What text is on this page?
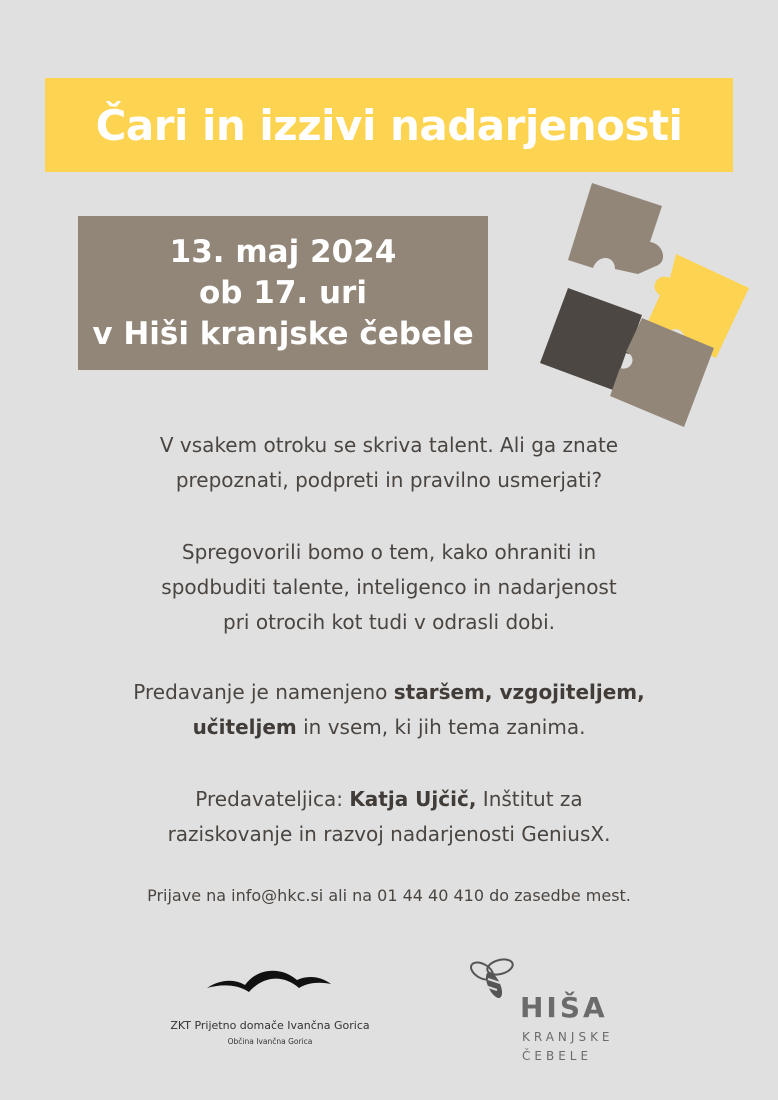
Čari in izzivi nadarjenosti
13. maj 2024
ob 17. uri
v Hiši kranjske čebele

V vsakem otroku se skriva talent. Ali ga znate

prepoznati, podpreti in pravilno usmerjati?

Spregovorili bomo o tem, kako ohraniti in

spodbuditi talente, inteligenco in nadarjenost

pri otrocih kot tudi v odrasli dobi.

Predavanje je namenjeno staršem, vzgojiteljem,

učiteljem in vsem, ki jih tema zanima.

Predavateljica: Katja Ujčič, Inštitut za

raziskovanje in razvoj nadarjenosti GeniusX.

Prijave na info@hkc.si ali na 01 44 40 410 do zasedbe mest.
ZKT Prijetno domače Ivančna Gorica
Občina Ivančna Gorica
HIŠA
KRANJSKE
ČEBELE
